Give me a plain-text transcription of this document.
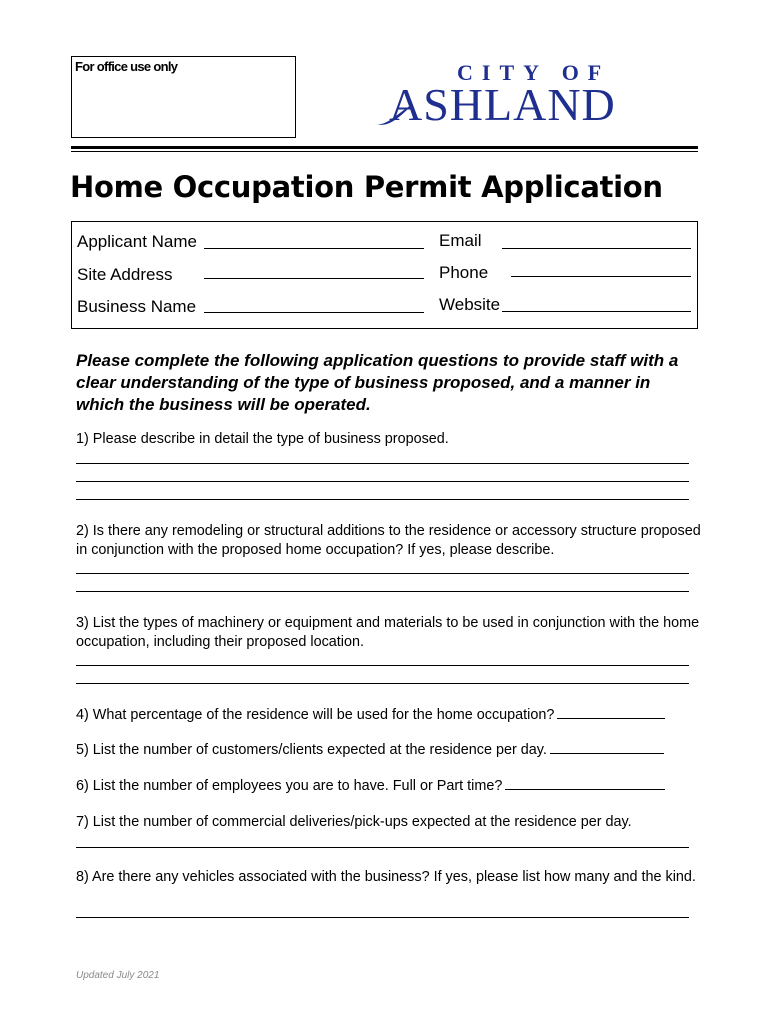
For office use only	CITY OF
ASHLAND
Home Occupation Permit Application
Applicant Name	Email
Site Address	Phone
Business Name	Website
Please complete the following application questions to provide staff with a clear understanding of the type of business proposed, and a manner in which the business will be operated.
1) Please describe in detail the type of business proposed.
2) Is there any remodeling or structural additions to the residence or accessory structure proposed in conjunction with the proposed home occupation? If yes, please describe.
3) List the types of machinery or equipment and materials to be used in conjunction with the home occupation, including their proposed location.
4) What percentage of the residence will be used for the home occupation?
5) List the number of customers/clients expected at the residence per day.
6) List the number of employees you are to have. Full or Part time?
7) List the number of commercial deliveries/pick-ups expected at the residence per day.
8) Are there any vehicles associated with the business? If yes, please list how many and the kind.
Updated July 2021
